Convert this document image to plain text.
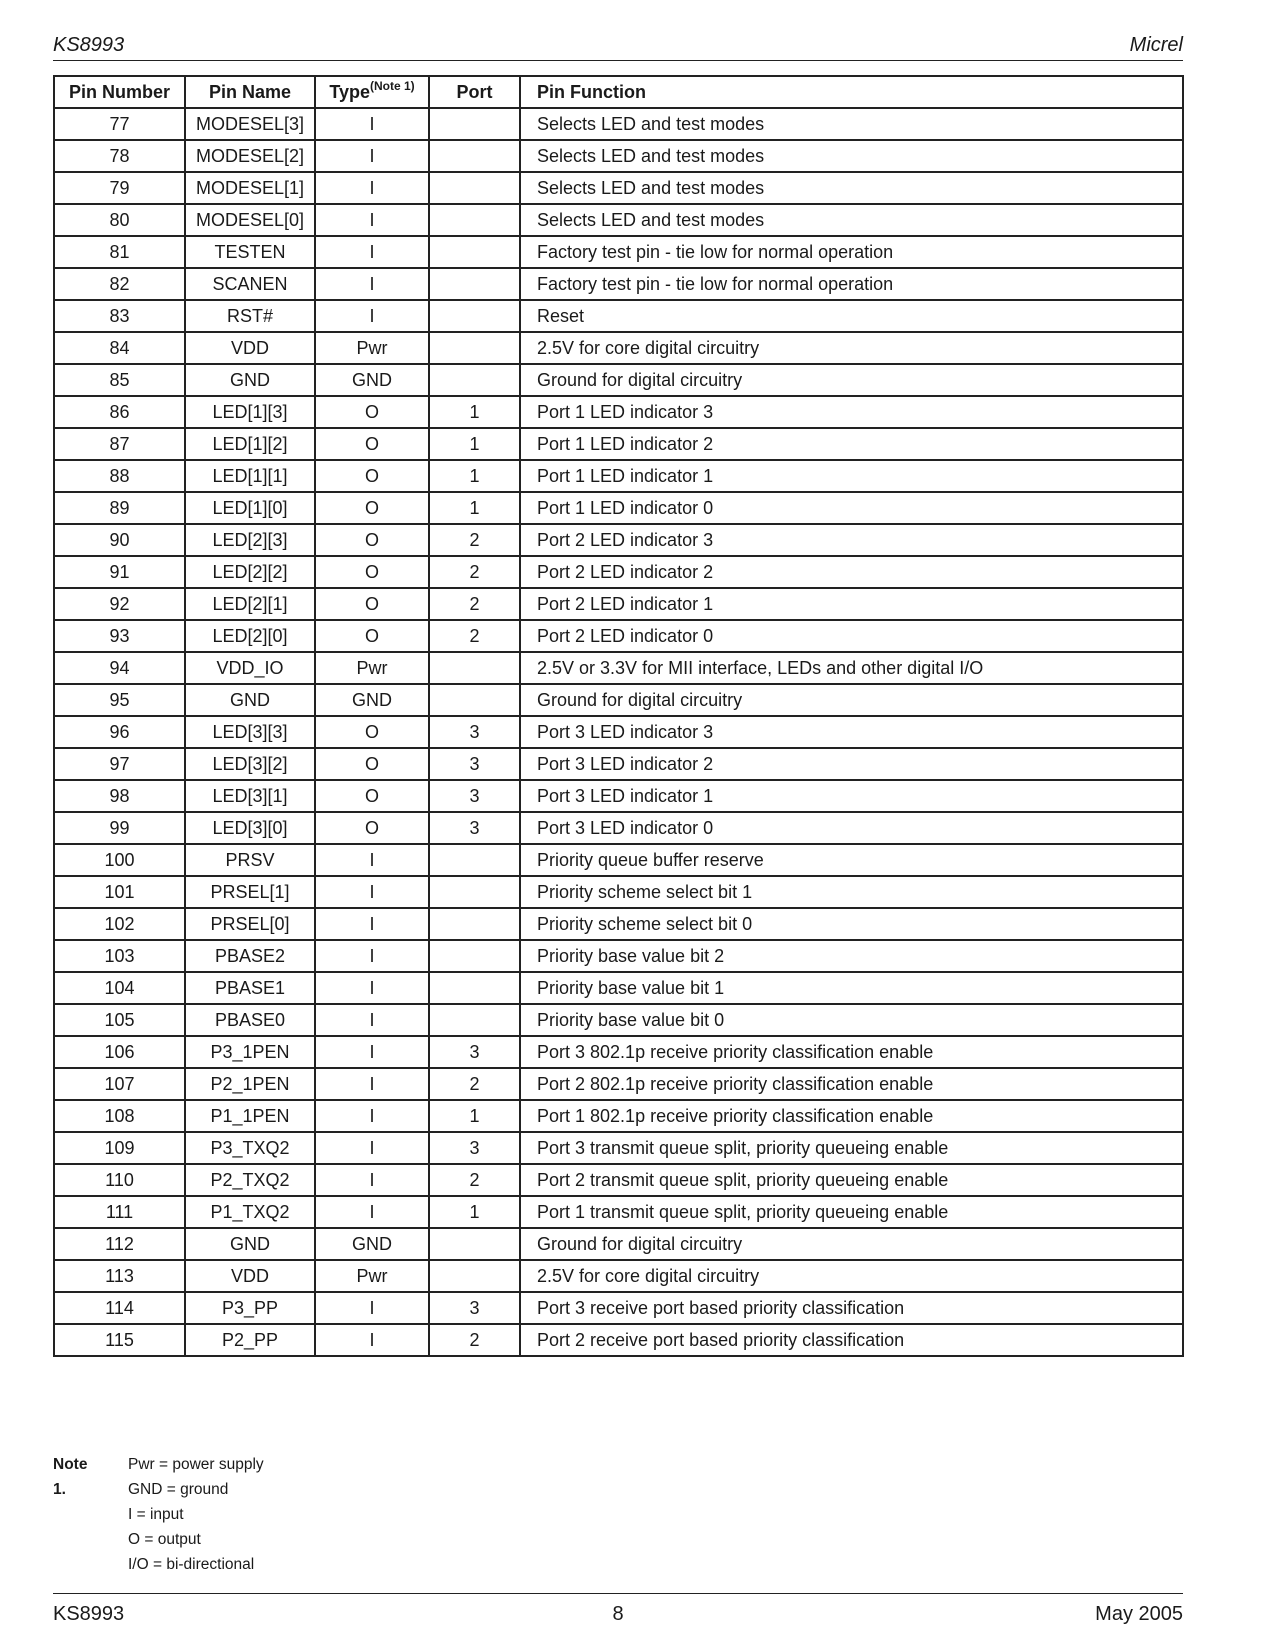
KS8993	Micrel
Pin Number	Pin Name	Type$^{(Note 1)}$	Port	Pin Function
77	MODESEL[3]	I		Selects LED and test modes
78	MODESEL[2]	I		Selects LED and test modes
79	MODESEL[1]	I		Selects LED and test modes
80	MODESEL[0]	I		Selects LED and test modes
81	TESTEN	I		Factory test pin - tie low for normal operation
82	SCANEN	I		Factory test pin - tie low for normal operation
83	RST#	I		Reset
84	VDD	Pwr		2.5V for core digital circuitry
85	GND	GND		Ground for digital circuitry
86	LED[1][3]	O	1	Port 1 LED indicator 3
87	LED[1][2]	O	1	Port 1 LED indicator 2
88	LED[1][1]	O	1	Port 1 LED indicator 1
89	LED[1][0]	O	1	Port 1 LED indicator 0
90	LED[2][3]	O	2	Port 2 LED indicator 3
91	LED[2][2]	O	2	Port 2 LED indicator 2
92	LED[2][1]	O	2	Port 2 LED indicator 1
93	LED[2][0]	O	2	Port 2 LED indicator 0
94	VDD_IO	Pwr		2.5V or 3.3V for MII interface, LEDs and other digital I/O
95	GND	GND		Ground for digital circuitry
96	LED[3][3]	O	3	Port 3 LED indicator 3
97	LED[3][2]	O	3	Port 3 LED indicator 2
98	LED[3][1]	O	3	Port 3 LED indicator 1
99	LED[3][0]	O	3	Port 3 LED indicator 0
100	PRSV	I		Priority queue buffer reserve
101	PRSEL[1]	I		Priority scheme select bit 1
102	PRSEL[0]	I		Priority scheme select bit 0
103	PBASE2	I		Priority base value bit 2
104	PBASE1	I		Priority base value bit 1
105	PBASE0	I		Priority base value bit 0
106	P3_1PEN	I	3	Port 3 802.1p receive priority classification enable
107	P2_1PEN	I	2	Port 2 802.1p receive priority classification enable
108	P1_1PEN	I	1	Port 1 802.1p receive priority classification enable
109	P3_TXQ2	I	3	Port 3 transmit queue split, priority queueing enable
110	P2_TXQ2	I	2	Port 2 transmit queue split, priority queueing enable
111	P1_TXQ2	I	1	Port 1 transmit queue split, priority queueing enable
112	GND	GND		Ground for digital circuitry
113	VDD	Pwr		2.5V for core digital circuitry
114	P3_PP	I	3	Port 3 receive port based priority classification
115	P2_PP	I	2	Port 2 receive port based priority classification
Note 1.
Pwr = power supply
GND = ground
I = input
O = output
I/O = bi-directional
KS8993	8	May 2005
